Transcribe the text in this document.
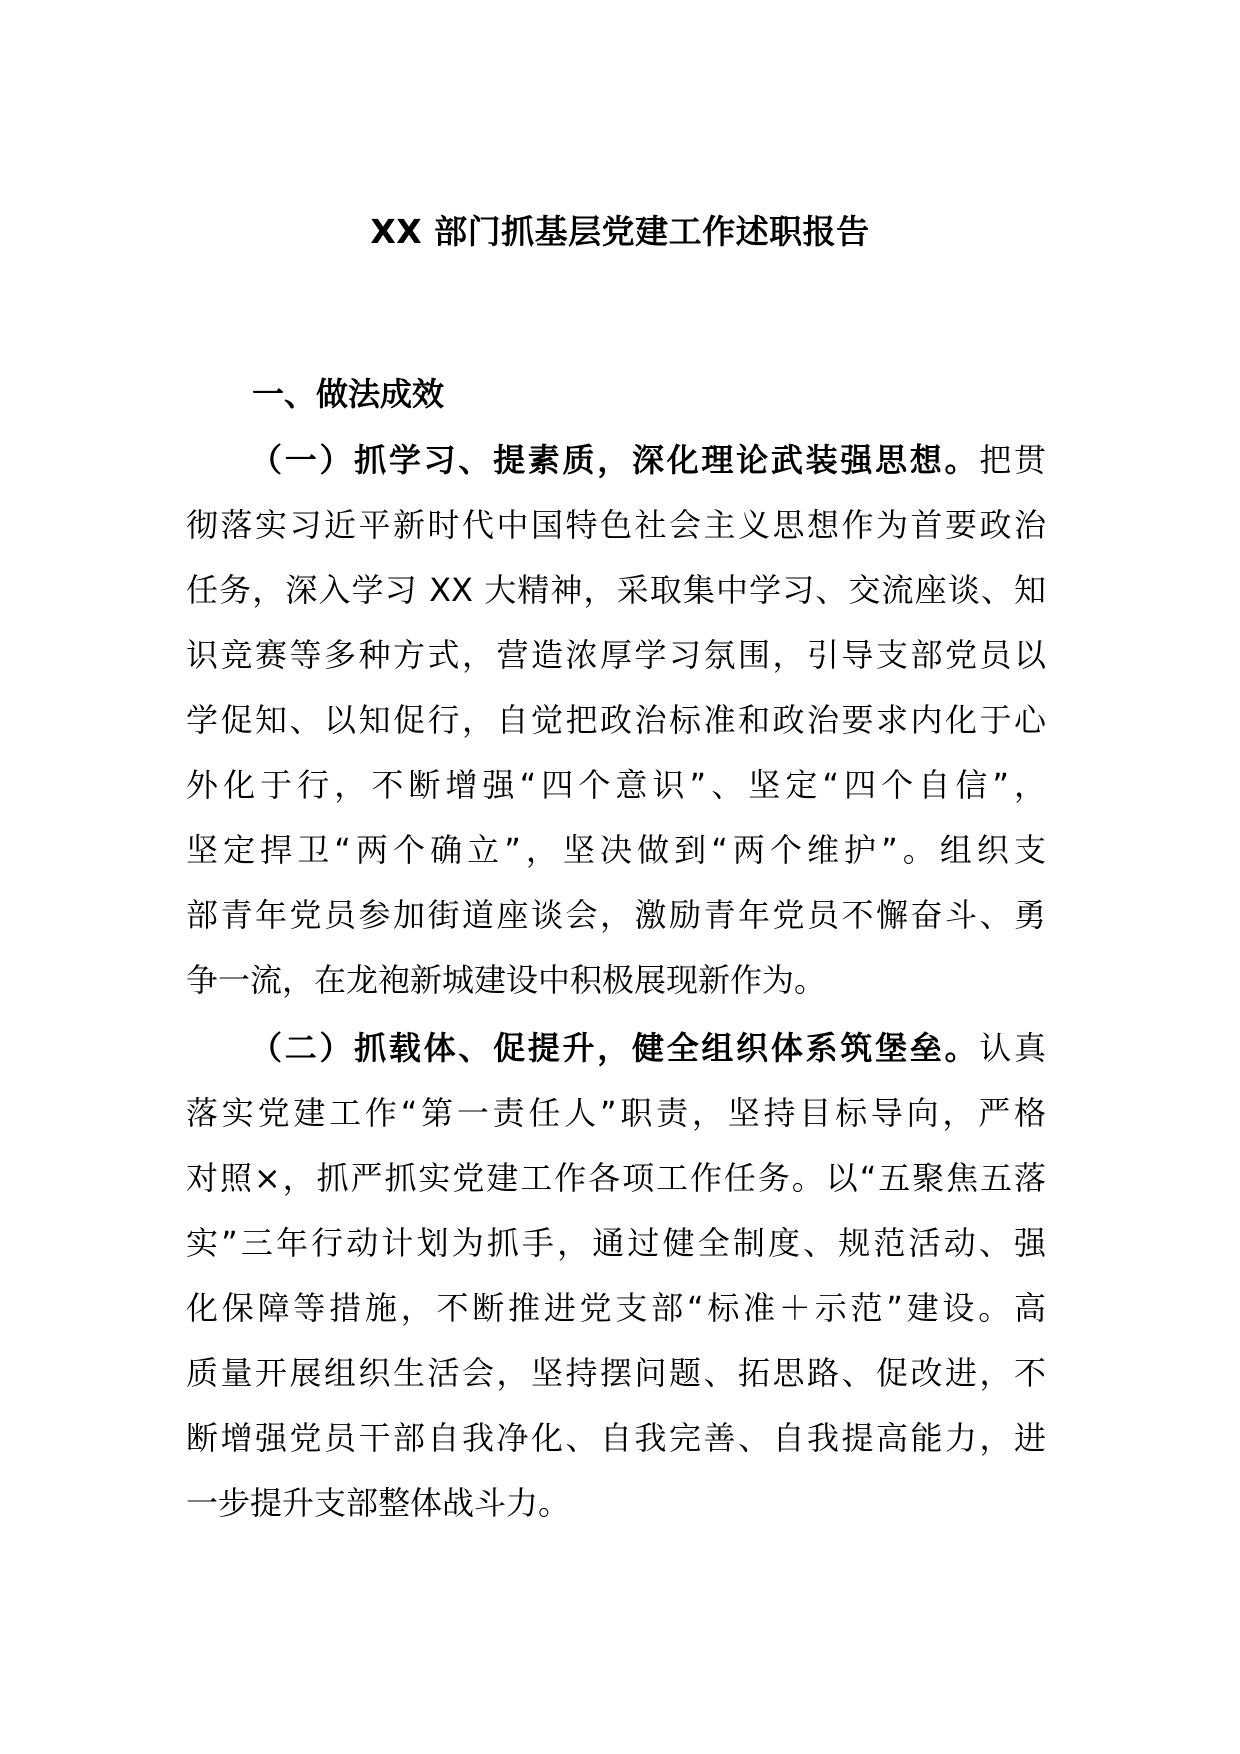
XX 部门抓基层党建工作述职报告
一、做法成效
（一）抓学习、提素质，深化理论武装强思想。把贯
彻落实习近平新时代中国特色社会主义思想作为首要政治
任务，深入学习 XX 大精神，采取集中学习、交流座谈、知
识竞赛等多种方式，营造浓厚学习氛围，引导支部党员以
学促知、以知促行，自觉把政治标准和政治要求内化于心
外化于行，不断增强“四个意识”、坚定“四个自信”，
坚定捍卫“两个确立”，坚决做到“两个维护”。组织支
部青年党员参加街道座谈会，激励青年党员不懈奋斗、勇
争一流，在龙袍新城建设中积极展现新作为。
（二）抓载体、促提升，健全组织体系筑堡垒。认真
落实党建工作“第一责任人”职责，坚持目标导向，严格
对照×，抓严抓实党建工作各项工作任务。以“五聚焦五落
实”三年行动计划为抓手，通过健全制度、规范活动、强
化保障等措施，不断推进党支部“标准＋示范”建设。高
质量开展组织生活会，坚持摆问题、拓思路、促改进，不
断增强党员干部自我净化、自我完善、自我提高能力，进
一步提升支部整体战斗力。
